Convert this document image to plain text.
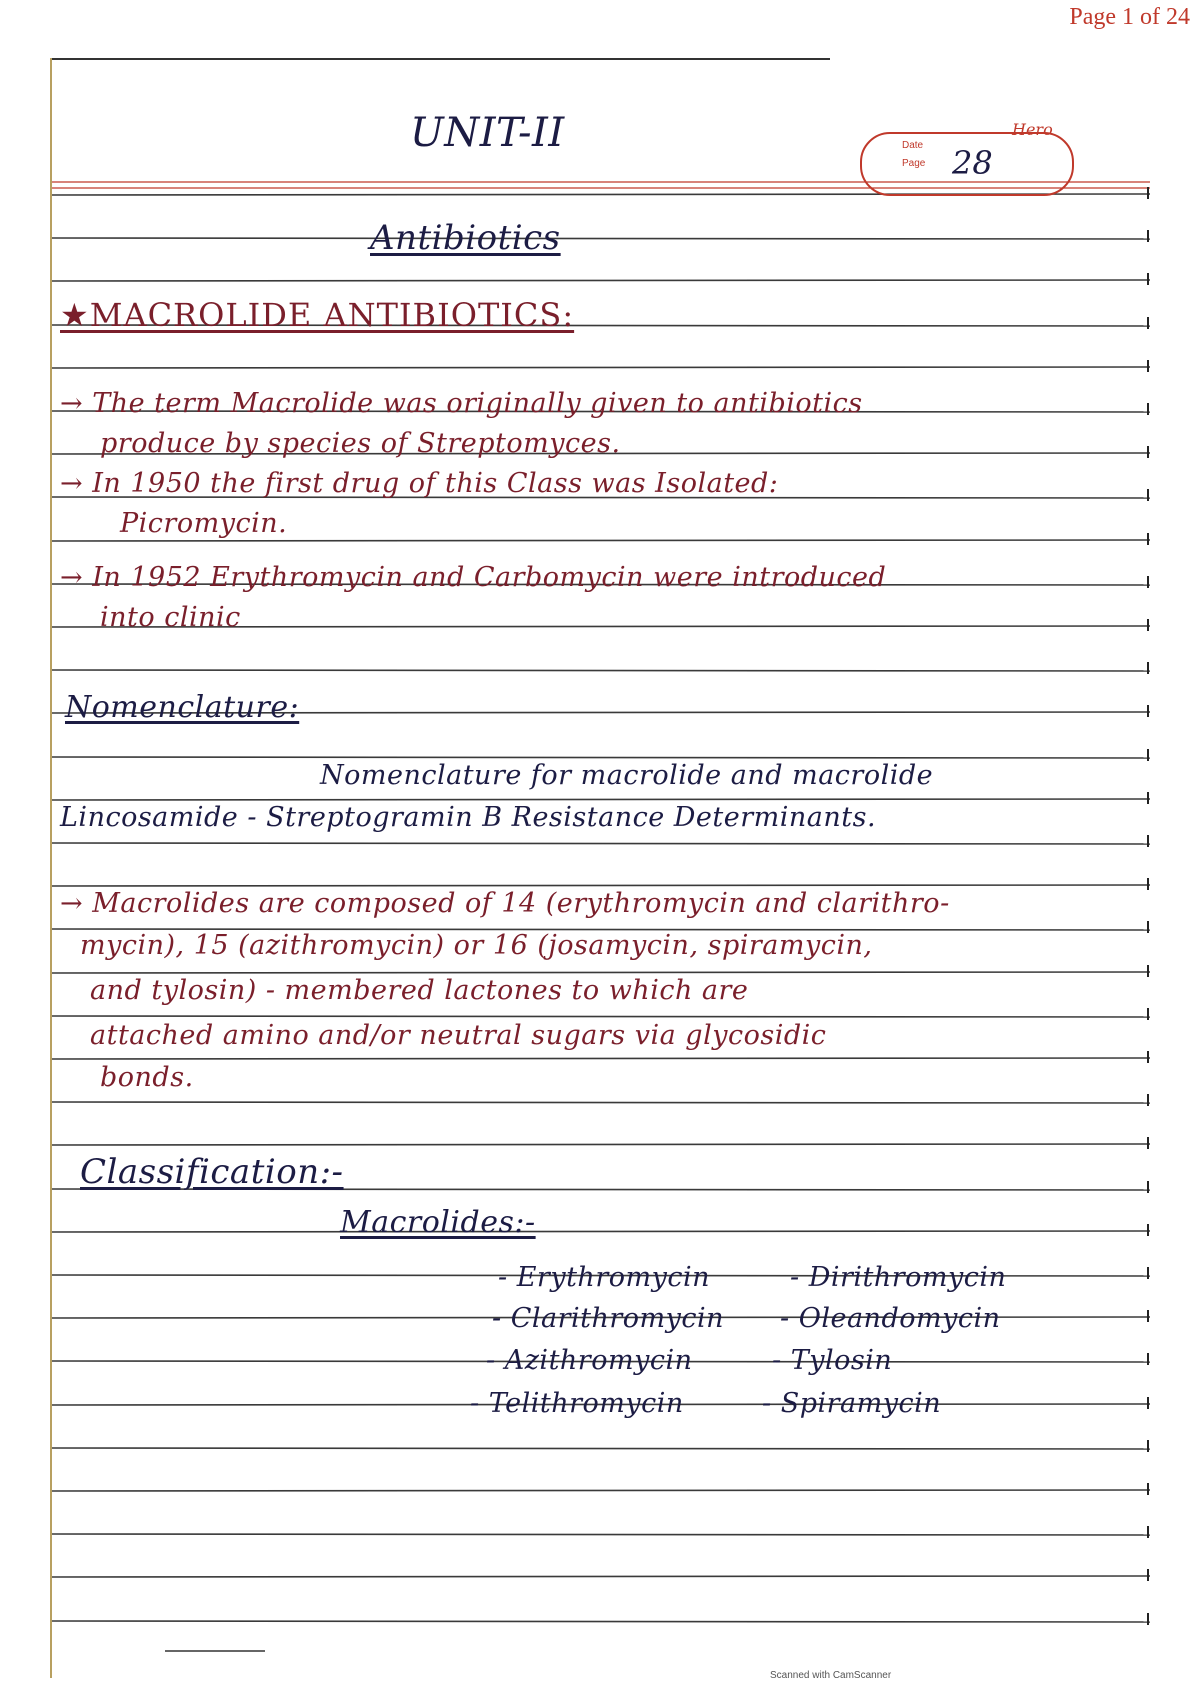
Page 1 of 24
UNIT-II	Date
Page 28
Hero
Antibiotics
★MACROLIDE ANTIBIOTICS:
→ The term Macrolide was originally given to antibiotics
produce by species of Streptomyces.
→ In 1950 the first drug of this Class was Isolated:
Picromycin.
→ In 1952 Erythromycin and Carbomycin were introduced
into clinic
Nomenclature:
Nomenclature for macrolide and macrolide
Lincosamide - Streptogramin B Resistance Determinants.
→ Macrolides are composed of 14 (erythromycin and clarithro-
mycin), 15 (azithromycin) or 16 (josamycin, spiramycin,
and tylosin) - membered lactones to which are
attached amino and/or neutral sugars via glycosidic
bonds.
Classification:-
Macrolides:-
- Erythromycin
- Clarithromycin
- Azithromycin
- Telithromycin
- Dirithromycin
- Oleandomycin
- Tylosin
- Spiramycin
Scanned with CamScanner
